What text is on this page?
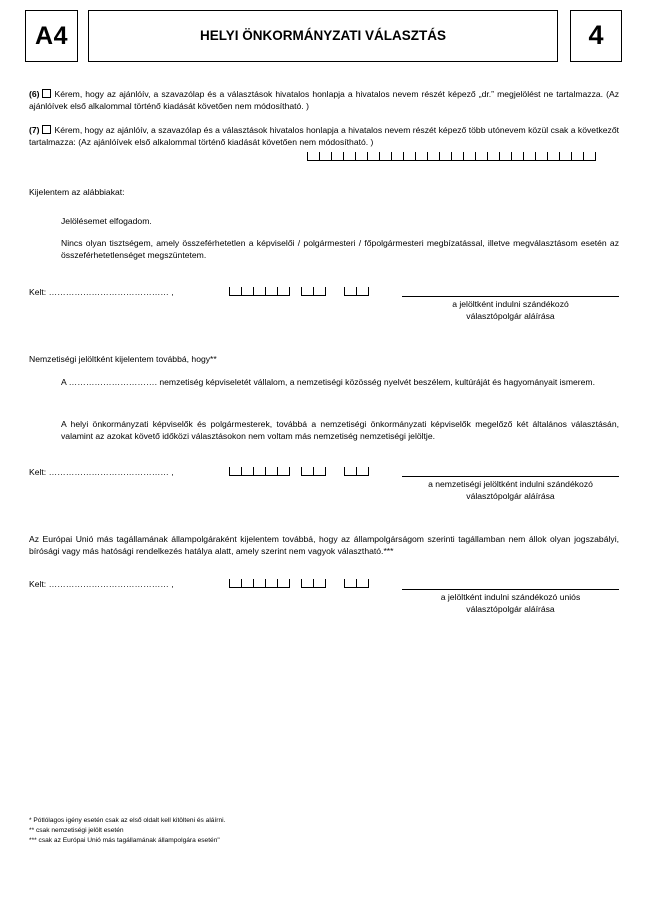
A4	HELYI ÖNKORMÁNYZATI VÁLASZTÁS	4
(6) Kérem, hogy az ajánlóív, a szavazólap és a választások hivatalos honlapja a hivatalos nevem részét képező „dr.” megjelölést ne tartalmazza. (Az ajánlóívek első alkalommal történő kiadását követően nem módosítható. )
(7) Kérem, hogy az ajánlóív, a szavazólap és a választások hivatalos honlapja a hivatalos nevem részét képező több utónevem közül csak a következőt tartalmazza: (Az ajánlóívek első alkalommal történő kiadását követően nem módosítható. )
Kijelentem az alábbiakat:
Jelölésemet elfogadom.
Nincs olyan tisztségem, amely összeférhetetlen a képviselői / polgármesteri / főpolgármesteri megbízatással, illetve megválasztásom esetén az összeférhetetlenséget megszüntetem.
Kelt: …………………………………… ,
a jelöltként indulni szándékozó
választópolgár aláírása
Nemzetiségi jelöltként kijelentem továbbá, hogy**
A …………………………. nemzetiség képviseletét vállalom, a nemzetiségi közösség nyelvét beszélem, kultúráját és hagyományait ismerem.
A helyi önkormányzati képviselők és polgármesterek, továbbá a nemzetiségi önkormányzati képviselők megelőző két általános választásán, valamint az azokat követő időközi választásokon nem voltam más nemzetiség nemzetiségi jelöltje.
Kelt: …………………………………… ,
a nemzetiségi jelöltként indulni szándékozó
választópolgár aláírása
Az Európai Unió más tagállamának állampolgáraként kijelentem továbbá, hogy az állampolgárságom szerinti tagállamban nem állok olyan jogszabályi, bírósági vagy más hatósági rendelkezés hatálya alatt, amely szerint nem vagyok választható.***
Kelt: …………………………………… ,
a jelöltként indulni szándékozó uniós
választópolgár aláírása
* Pótlólagos igény esetén csak az első oldalt kell kitölteni és aláírni.
** csak nemzetiségi jelölt esetén
*** csak az Európai Unió más tagállamának állampolgára esetén"
